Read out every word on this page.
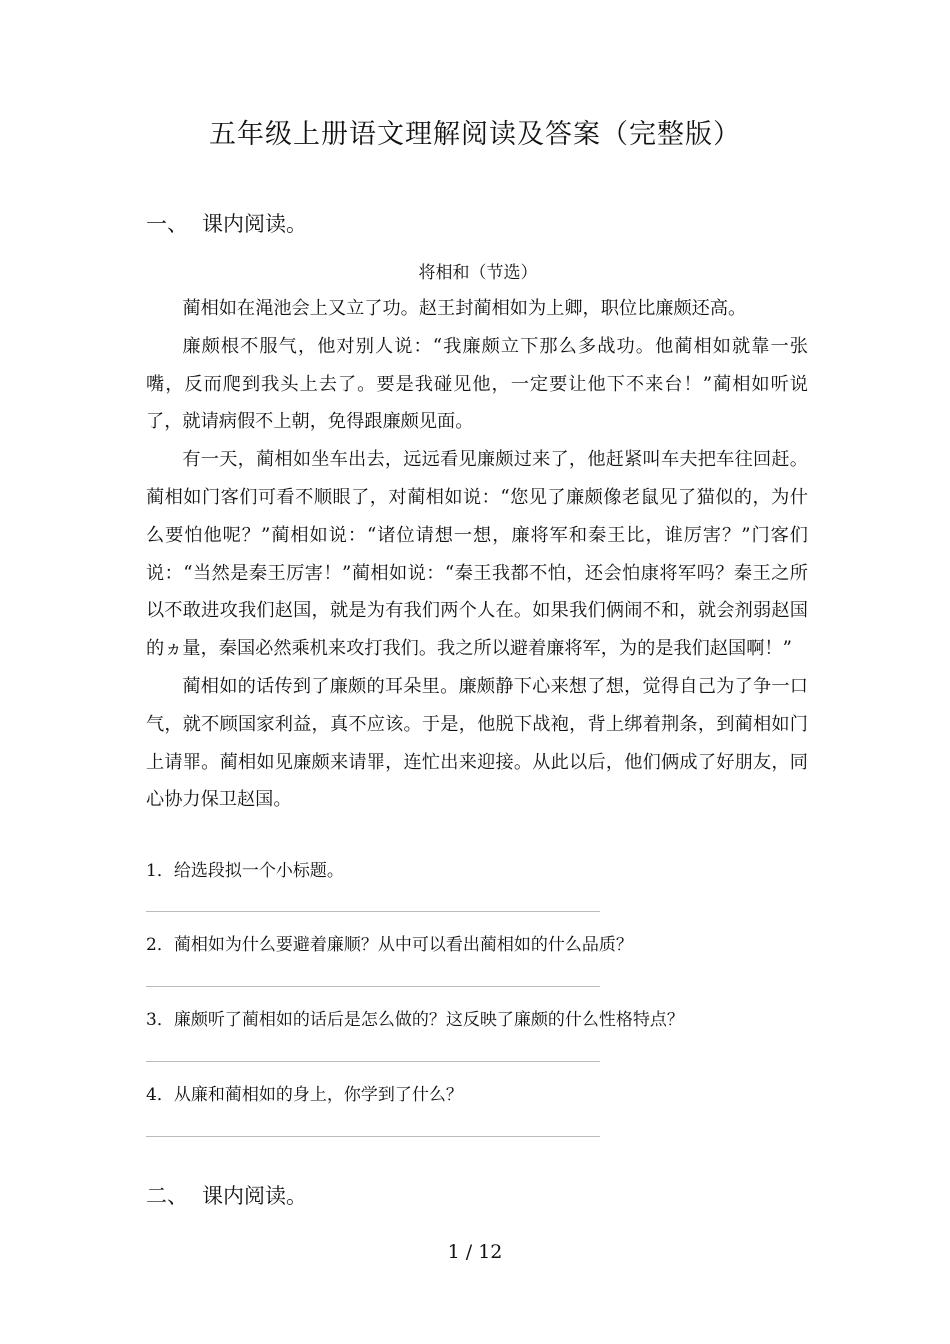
五年级上册语文理解阅读及答案（完整版）
一、 课内阅读。
将相和（节选）

蔺相如在渑池会上又立了功。赵王封蔺相如为上卿，职位比廉颇还高。

廉颇根不服气，他对别人说：“我廉颇立下那么多战功。他蔺相如就靠一张嘴，反而爬到我头上去了。要是我碰见他，一定要让他下不来台！”蔺相如听说了，就请病假不上朝，免得跟廉颇见面。

有一天，蔺相如坐车出去，远远看见廉颇过来了，他赶紧叫车夫把车往回赶。蔺相如门客们可看不顺眼了，对蔺相如说：“您见了廉颇像老鼠见了猫似的，为什么要怕他呢？”蔺相如说：“诸位请想一想，廉将军和秦王比，谁厉害？”门客们说：“当然是秦王厉害！”蔺相如说：“秦王我都不怕，还会怕康将军吗？秦王之所以不敢进攻我们赵国，就是为有我们两个人在。如果我们俩闹不和，就会剂弱赵国的ヵ量，秦国必然乘机来攻打我们。我之所以避着廉将军，为的是我们赵国啊！”

蔺相如的话传到了廉颇的耳朵里。廉颇静下心来想了想，觉得自己为了争一口气，就不顾国家利益，真不应该。于是，他脱下战袍，背上绑着荆条，到蔺相如门上请罪。蔺相如见廉颇来请罪，连忙出来迎接。从此以后，他们俩成了好朋友，同心协力保卫赵国。

1．给选段拟一个小标题。
2．蔺相如为什么要避着廉顺？从中可以看出蔺相如的什么品质？
3．廉颇听了蔺相如的话后是怎么做的？这反映了廉颇的什么性格特点？
4．从廉和蔺相如的身上，你学到了什么？
二、 课内阅读。
1 / 12
